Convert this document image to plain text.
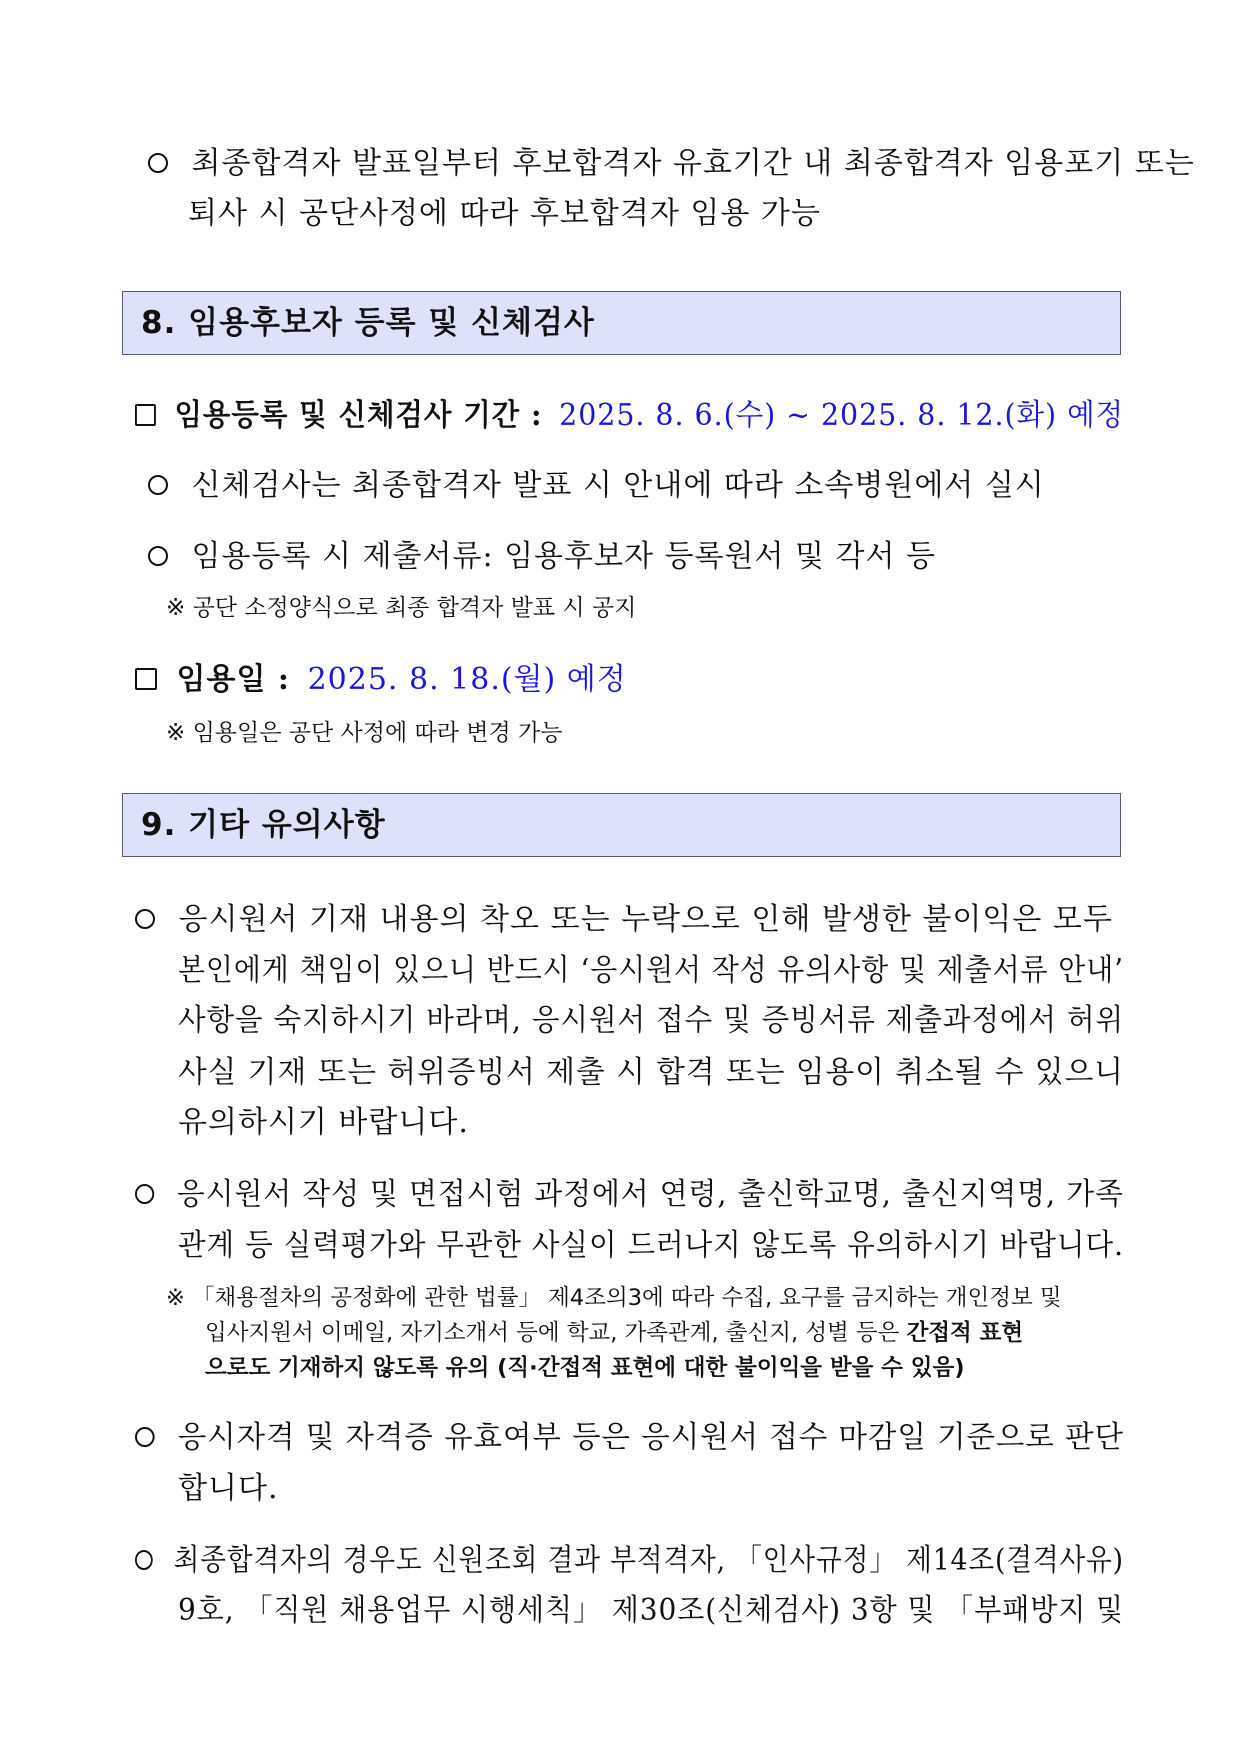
최종합격자 발표일부터 후보합격자 유효기간 내 최종합격자 임용포기 또는
퇴사 시 공단사정에 따라 후보합격자 임용 가능
8. 임용후보자 등록 및 신체검사
임용등록 및 신체검사 기간 : 2025. 8. 6.(수) ~ 2025. 8. 12.(화) 예정
신체검사는 최종합격자 발표 시 안내에 따라 소속병원에서 실시
임용등록 시 제출서류: 임용후보자 등록원서 및 각서 등
※ 공단 소정양식으로 최종 합격자 발표 시 공지
임용일 : 2025. 8. 18.(월) 예정
※ 임용일은 공단 사정에 따라 변경 가능
9. 기타 유의사항
응시원서 기재 내용의 착오 또는 누락으로 인해 발생한 불이익은 모두
본인에게 책임이 있으니 반드시 ‘응시원서 작성 유의사항 및 제출서류 안내’
사항을 숙지하시기 바라며, 응시원서 접수 및 증빙서류 제출과정에서 허위
사실 기재 또는 허위증빙서 제출 시 합격 또는 임용이 취소될 수 있으니
유의하시기 바랍니다.
응시원서 작성 및 면접시험 과정에서 연령, 출신학교명, 출신지역명, 가족
관계 등 실력평가와 무관한 사실이 드러나지 않도록 유의하시기 바랍니다.
※ 「채용절차의 공정화에 관한 법률」 제4조의3에 따라 수집, 요구를 금지하는 개인정보 및
입사지원서 이메일, 자기소개서 등에 학교, 가족관계, 출신지, 성별 등은 간접적 표현
으로도 기재하지 않도록 유의 (직·간접적 표현에 대한 불이익을 받을 수 있음)
응시자격 및 자격증 유효여부 등은 응시원서 접수 마감일 기준으로 판단
합니다.
최종합격자의 경우도 신원조회 결과 부적격자, 「인사규정」 제14조(결격사유)
9호, 「직원 채용업무 시행세칙」 제30조(신체검사) 3항 및 「부패방지 및
